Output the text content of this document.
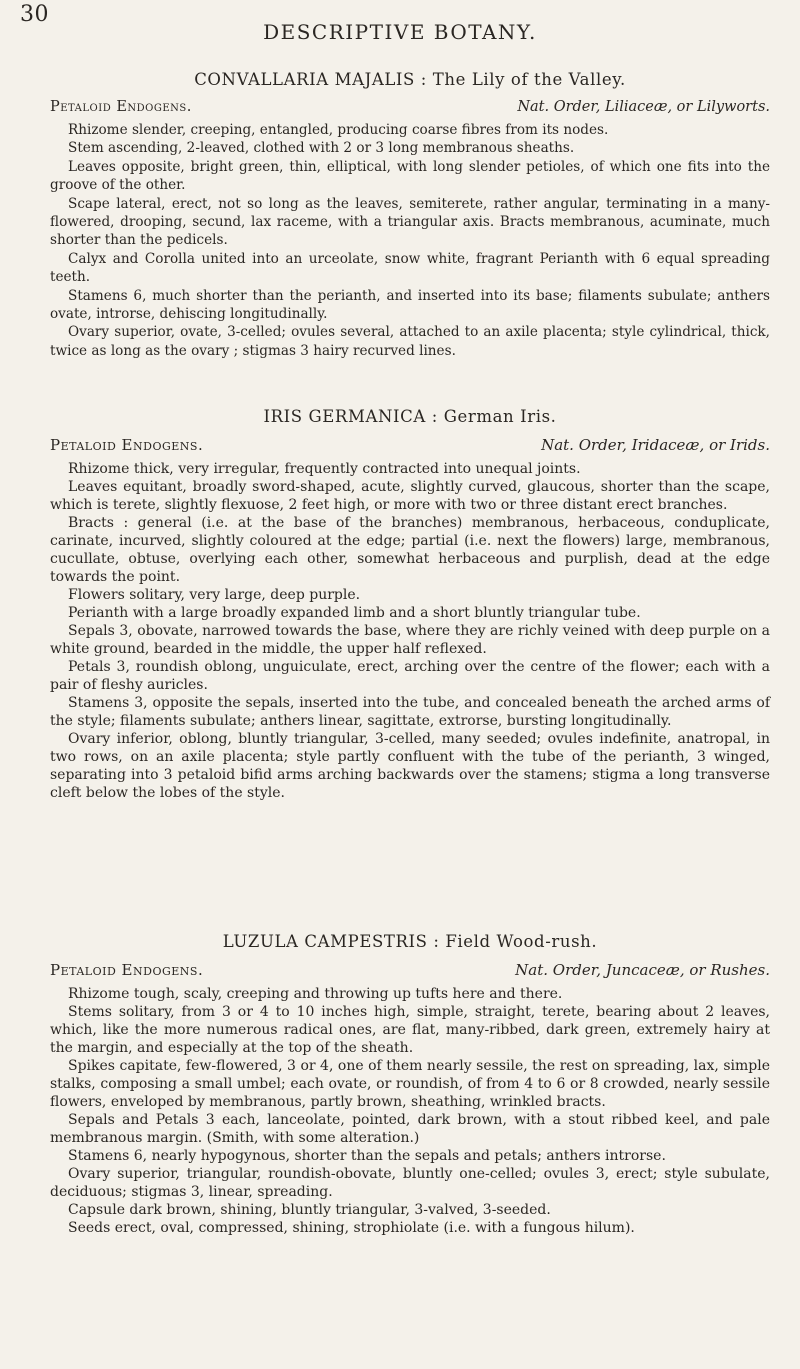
30
DESCRIPTIVE BOTANY.
CONVALLARIA MAJALIS : The Lily of the Valley.
Petaloid Endogens.	Nat. Order, Liliaceæ, or Lilyworts.

Rhizome slender, creeping, entangled, producing coarse fibres from its nodes.

Stem ascending, 2-leaved, clothed with 2 or 3 long membranous sheaths.

Leaves opposite, bright green, thin, elliptical, with long slender petioles, of which one fits into the groove of the other.

Scape lateral, erect, not so long as the leaves, semiterete, rather angular, terminating in a many-flowered, drooping, secund, lax raceme, with a triangular axis. Bracts membranous, acuminate, much shorter than the pedicels.

Calyx and Corolla united into an urceolate, snow white, fragrant Perianth with 6 equal spreading teeth.

Stamens 6, much shorter than the perianth, and inserted into its base; filaments subulate; anthers ovate, introrse, dehiscing longitudinally.

Ovary superior, ovate, 3-celled; ovules several, attached to an axile placenta; style cylindrical, thick, twice as long as the ovary ; stigmas 3 hairy recurved lines.

IRIS GERMANICA : German Iris.
Petaloid Endogens.	Nat. Order, Iridaceæ, or Irids.

Rhizome thick, very irregular, frequently contracted into unequal joints.

Leaves equitant, broadly sword-shaped, acute, slightly curved, glaucous, shorter than the scape, which is terete, slightly flexuose, 2 feet high, or more with two or three distant erect branches.

Bracts : general (i.e. at the base of the branches) membranous, herbaceous, conduplicate, carinate, incurved, slightly coloured at the edge; partial (i.e. next the flowers) large, membranous, cucullate, obtuse, overlying each other, somewhat herbaceous and purplish, dead at the edge towards the point.

Flowers solitary, very large, deep purple.

Perianth with a large broadly expanded limb and a short bluntly triangular tube.

Sepals 3, obovate, narrowed towards the base, where they are richly veined with deep purple on a white ground, bearded in the middle, the upper half reflexed.

Petals 3, roundish oblong, unguiculate, erect, arching over the centre of the flower; each with a pair of fleshy auricles.

Stamens 3, opposite the sepals, inserted into the tube, and concealed beneath the arched arms of the style; filaments subulate; anthers linear, sagittate, extrorse, bursting longitudinally.

Ovary inferior, oblong, bluntly triangular, 3-celled, many seeded; ovules indefinite, anatropal, in two rows, on an axile placenta; style partly confluent with the tube of the perianth, 3 winged, separating into 3 petaloid bifid arms arching backwards over the stamens; stigma a long transverse cleft below the lobes of the style.

LUZULA CAMPESTRIS : Field Wood-rush.
Petaloid Endogens.	Nat. Order, Juncaceæ, or Rushes.

Rhizome tough, scaly, creeping and throwing up tufts here and there.

Stems solitary, from 3 or 4 to 10 inches high, simple, straight, terete, bearing about 2 leaves, which, like the more numerous radical ones, are flat, many-ribbed, dark green, extremely hairy at the margin, and especially at the top of the sheath.

Spikes capitate, few-flowered, 3 or 4, one of them nearly sessile, the rest on spreading, lax, simple stalks, composing a small umbel; each ovate, or roundish, of from 4 to 6 or 8 crowded, nearly sessile flowers, enveloped by membranous, partly brown, sheathing, wrinkled bracts.

Sepals and Petals 3 each, lanceolate, pointed, dark brown, with a stout ribbed keel, and pale membranous margin. (Smith, with some alteration.)

Stamens 6, nearly hypogynous, shorter than the sepals and petals; anthers introrse.

Ovary superior, triangular, roundish-obovate, bluntly one-celled; ovules 3, erect; style subulate, deciduous; stigmas 3, linear, spreading.

Capsule dark brown, shining, bluntly triangular, 3-valved, 3-seeded.

Seeds erect, oval, compressed, shining, strophiolate (i.e. with a fungous hilum).
